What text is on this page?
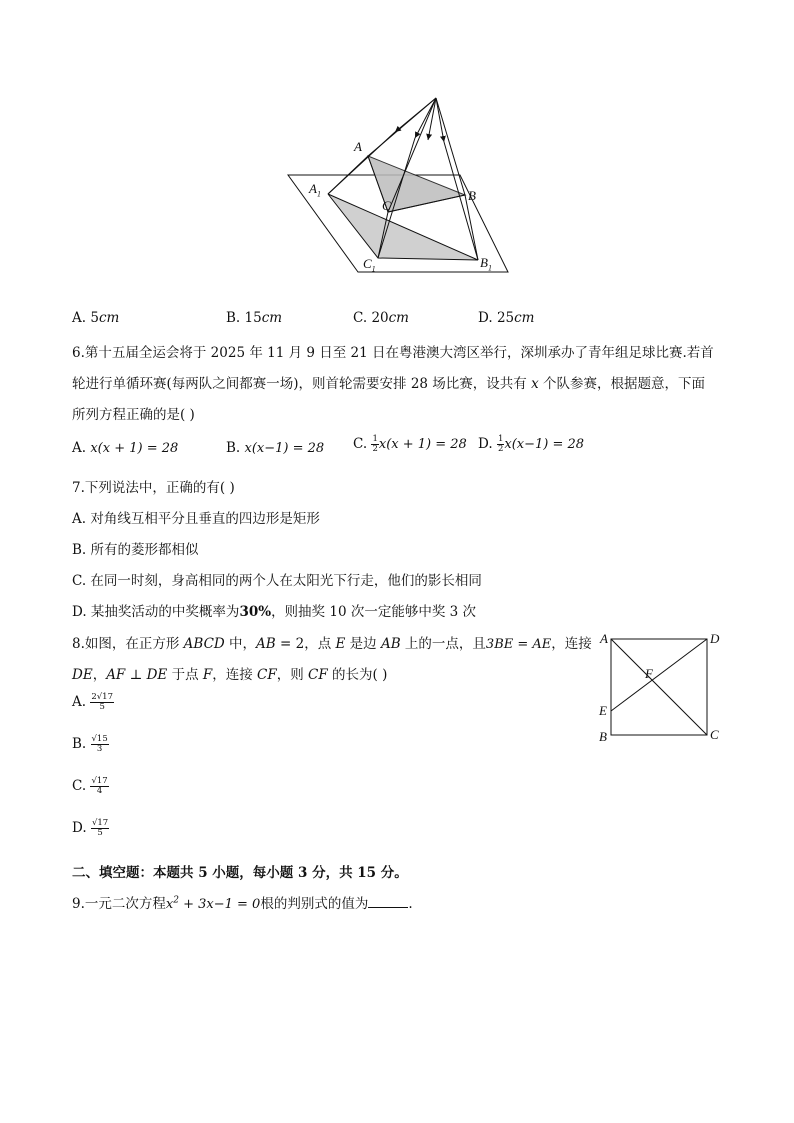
A
$A_1$
C
B
$C_1$	$B_1$
A. 5cm	B. 15cm	C. 20cm	D. 25cm
6.第十五届全运会将于 2025 年 11 月 9 日至 21 日在粤港澳大湾区举行，深圳承办了青年组足球比赛.若首
轮进行单循环赛(每两队之间都赛一场)，则首轮需要安排 28 场比赛，设共有 x 个队参赛，根据题意，下面
所列方程正确的是( )
A. x(x + 1) = 28	B. x(x−1) = 28 C. $\frac{1}{2} x(x + 1) = 28$ D. $\frac{1}{2} x(x-1) = 28$
7.下列说法中，正确的有( )
A. 对角线互相平分且垂直的四边形是矩形
B. 所有的菱形都相似
C. 在同一时刻，身高相同的两个人在太阳光下行走，他们的影长相同
D. 某抽奖活动的中奖概率为30%，则抽奖 10 次一定能够中奖 3 次
8.如图，在正方形 ABCD 中，AB = 2，点 E 是边 AB 上的一点，且3BE = AE，连接
DE，AF ⊥ DE 于点 F，连接 CF，则 CF 的长为( )
A. $\frac{2√17}{5}$
B. $\frac{√15}{3}$
C. $\frac{√17}{4}$
D. $\frac{√17}{5}$
A	D
F
E
B	C
二、填空题：本题共 5 小题，每小题 3 分，共 15 分。
9.一元二次方程$x^2 + 3x-1 = 0$根的判别式的值为	.
